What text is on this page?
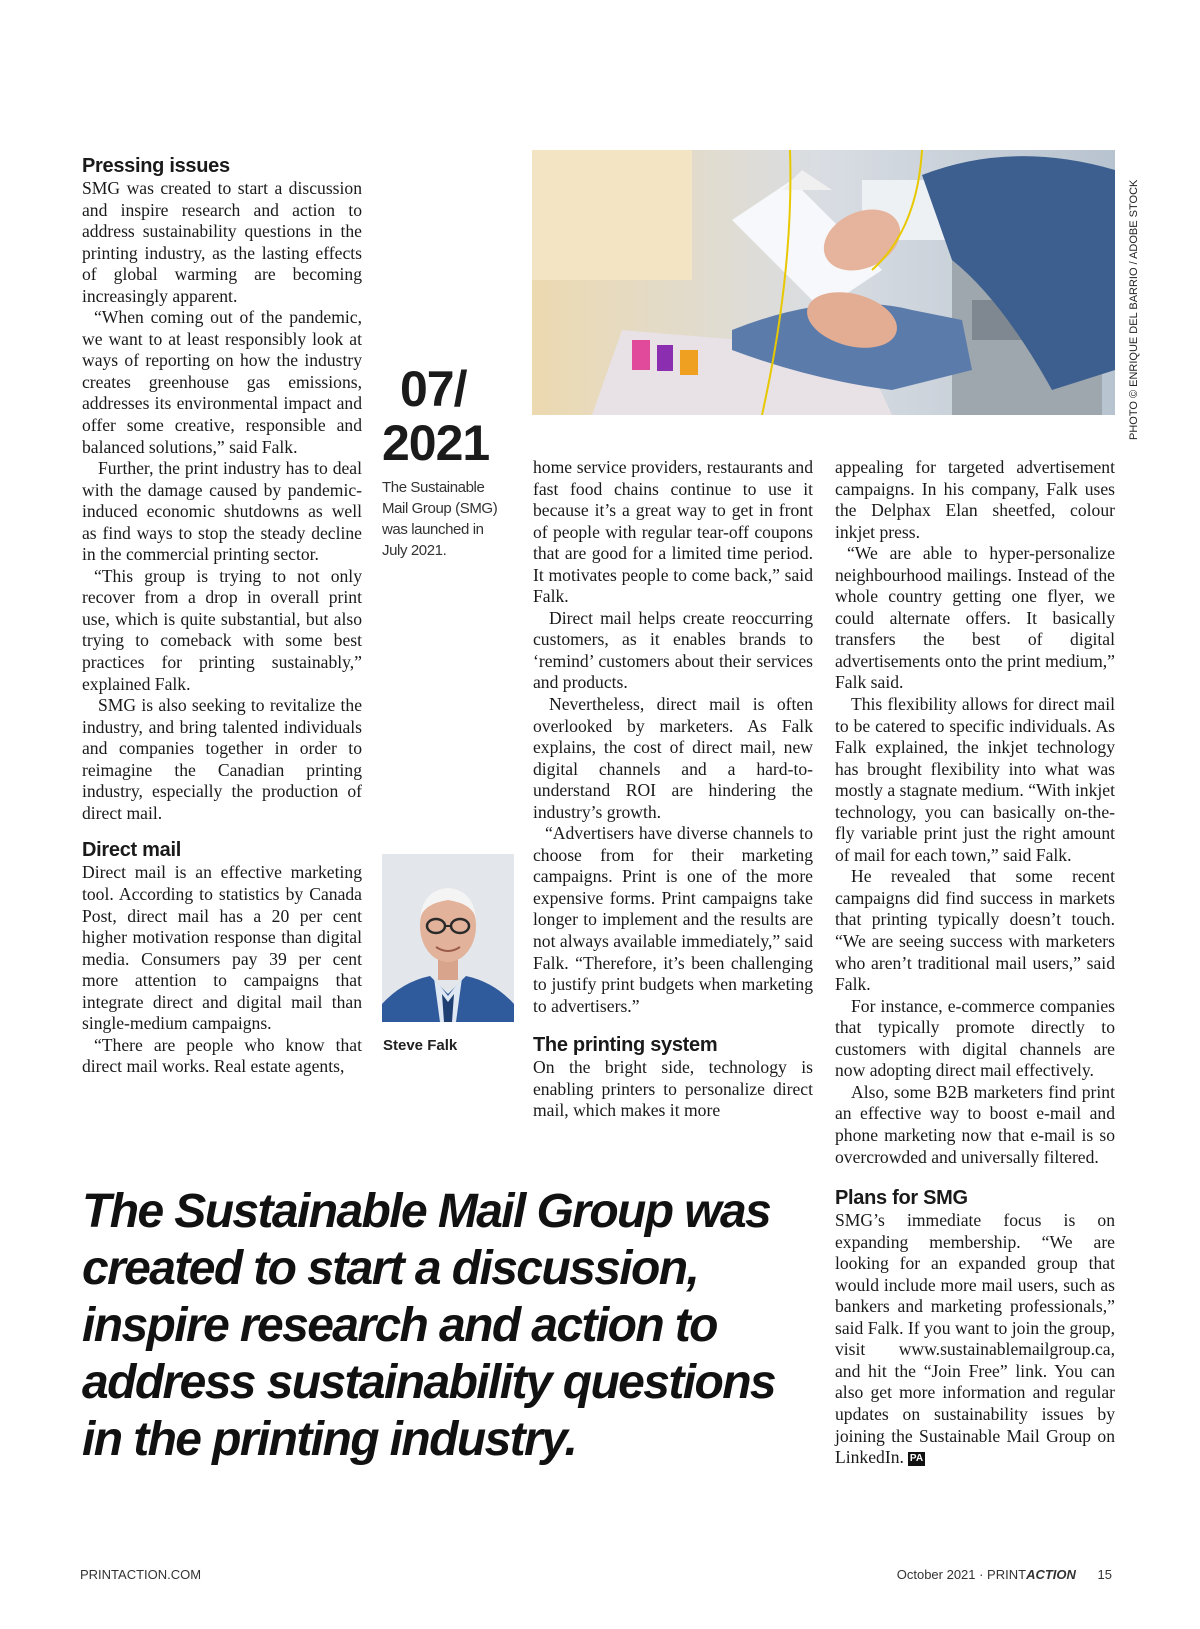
Pressing issues

SMG was created to start a discussion and inspire research and action to address sustainability questions in the printing industry, as the lasting effects of global warming are becoming increasingly apparent.

“When coming out of the pandemic, we want to at least responsibly look at ways of reporting on how the industry creates greenhouse gas emissions, addresses its environmental impact and offer some creative, responsible and balanced solutions,” said Falk.

Further, the print industry has to deal with the damage caused by pandemic-induced economic shutdowns as well as find ways to stop the steady decline in the commercial printing sector.

“This group is trying to not only recover from a drop in overall print use, which is quite substantial, but also trying to comeback with some best practices for printing sustainably,” explained Falk.

SMG is also seeking to revitalize the industry, and bring talented individuals and companies together in order to reimagine the Canadian printing industry, especially the production of direct mail.

Direct mail

Direct mail is an effective marketing tool. According to statistics by Canada Post, direct mail has a 20 per cent higher motivation response than digital media. Consumers pay 39 per cent more attention to campaigns that integrate direct and digital mail than single-medium campaigns.

“There are people who know that direct mail works. Real estate agents,

07/
2021
The Sustainable Mail Group (SMG) was launched in July 2021.
Steve Falk
PHOTO © ENRIQUE DEL BARRIO / ADOBE STOCK

home service providers, restaurants and fast food chains continue to use it because it’s a great way to get in front of people with regular tear-off coupons that are good for a limited time period. It motivates people to come back,” said Falk.

Direct mail helps create reoccurring customers, as it enables brands to ‘remind’ customers about their services and products.

Nevertheless, direct mail is often overlooked by marketers. As Falk explains, the cost of direct mail, new digital channels and a hard-to-understand ROI are hindering the industry’s growth.

“Advertisers have diverse channels to choose from for their marketing campaigns. Print is one of the more expensive forms. Print campaigns take longer to implement and the results are not always available immediately,” said Falk. “Therefore, it’s been challenging to justify print budgets when marketing to advertisers.”

The printing system

On the bright side, technology is enabling printers to personalize direct mail, which makes it more

appealing for targeted advertisement campaigns. In his company, Falk uses the Delphax Elan sheetfed, colour inkjet press.

“We are able to hyper-personalize neighbourhood mailings. Instead of the whole country getting one flyer, we could alternate offers. It basically transfers the best of digital advertisements onto the print medium,” Falk said.

This flexibility allows for direct mail to be catered to specific individuals. As Falk explained, the inkjet technology has brought flexibility into what was mostly a stagnate medium. “With inkjet technology, you can basically on-the-fly variable print just the right amount of mail for each town,” said Falk.

He revealed that some recent campaigns did find success in markets that printing typically doesn’t touch. “We are seeing success with marketers who aren’t traditional mail users,” said Falk.

For instance, e-commerce companies that typically promote directly to customers with digital channels are now adopting direct mail effectively.

Also, some B2B marketers find print an effective way to boost e-mail and phone marketing now that e-mail is so overcrowded and universally filtered.

Plans for SMG

SMG’s immediate focus is on expanding membership. “We are looking for an expanded group that would include more mail users, such as bankers and marketing professionals,” said Falk. If you want to join the group, visit www.sustainablemailgroup.ca, and hit the “Join Free” link. You can also get more information and regular updates on sustainability issues by joining the Sustainable Mail Group on LinkedIn. PA

The Sustainable Mail Group was created to start a discussion, inspire research and action to address sustainability questions in the printing industry.
PRINTACTION.COM	October 2021 · PRINTACTION 15
